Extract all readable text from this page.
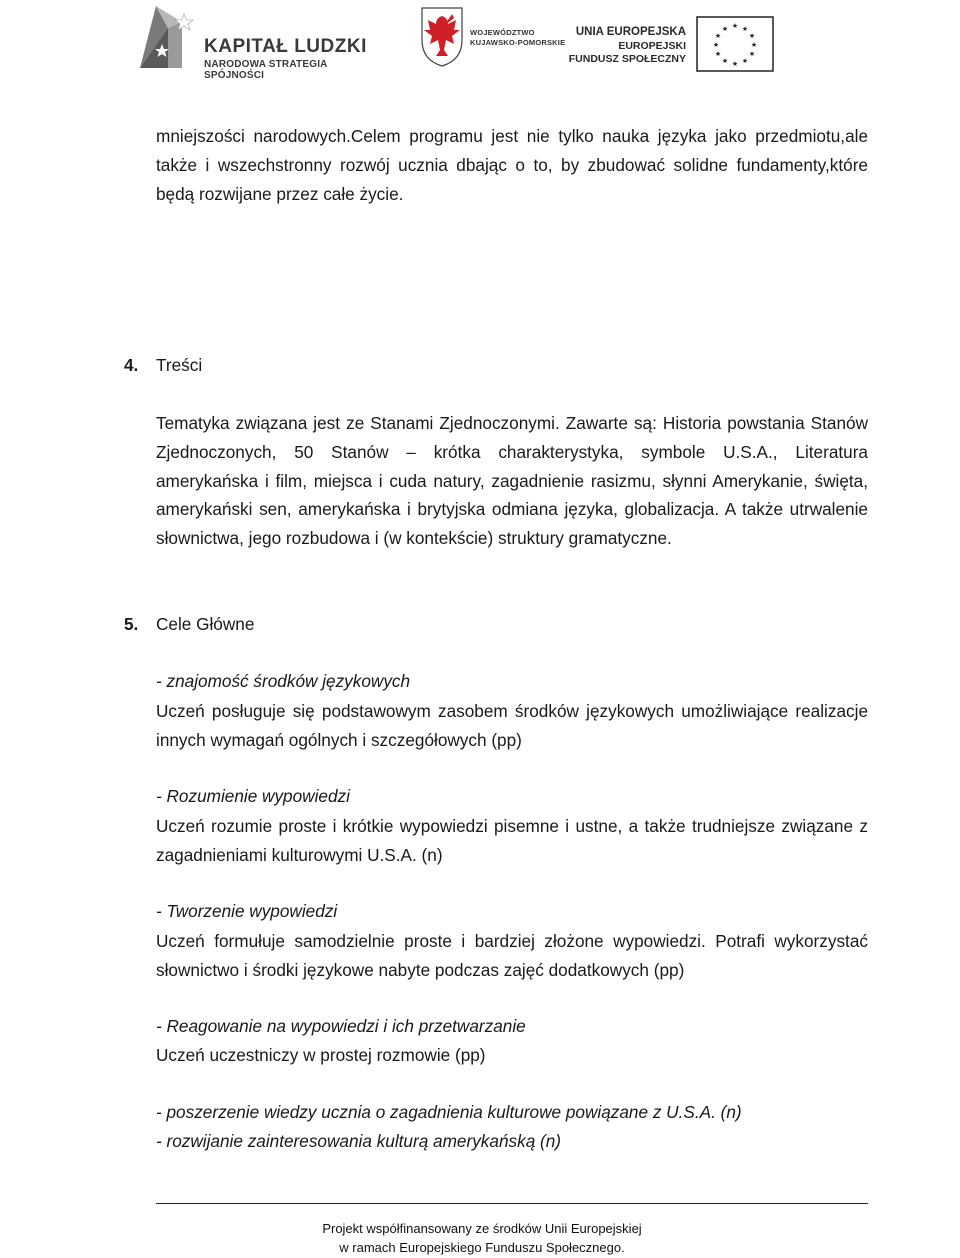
KAPITAŁ LUDZKI
NARODOWA STRATEGIA SPÓJNOŚCI
WOJEWÓDZTWO
KUJAWSKO-POMORSKIE
UNIA EUROPEJSKA
EUROPEJSKI
FUNDUSZ SPOŁECZNY
★ ★
★
★
★
★
★
★
★
★
★
★
mniejszości narodowych.Celem programu jest nie tylko nauka języka jako przedmiotu,ale także i wszechstronny rozwój ucznia dbając o to, by zbudować solidne fundamenty,które będą rozwijane przez całe życie.
4. Treści
Tematyka związana jest ze Stanami Zjednoczonymi. Zawarte są: Historia powstania Stanów Zjednoczonych, 50 Stanów – krótka charakterystyka, symbole U.S.A., Literatura amerykańska i film, miejsca i cuda natury, zagadnienie rasizmu, słynni Amerykanie, święta, amerykański sen, amerykańska i brytyjska odmiana języka, globalizacja. A także utrwalenie słownictwa, jego rozbudowa i (w kontekście) struktury gramatyczne.
5. Cele Główne
- znajomość środków językowych
Uczeń posługuje się podstawowym zasobem środków językowych umożliwiające realizacje innych wymagań ogólnych i szczegółowych (pp)
- Rozumienie wypowiedzi
Uczeń rozumie proste i krótkie wypowiedzi pisemne i ustne, a także trudniejsze związane z zagadnieniami kulturowymi U.S.A. (n)
- Tworzenie wypowiedzi
Uczeń formułuje samodzielnie proste i bardziej złożone wypowiedzi. Potrafi wykorzystać słownictwo i środki językowe nabyte podczas zajęć dodatkowych (pp)
- Reagowanie na wypowiedzi i ich przetwarzanie
Uczeń uczestniczy w prostej rozmowie (pp)
- poszerzenie wiedzy ucznia o zagadnienia kulturowe powiązane z U.S.A. (n)
- rozwijanie zainteresowania kulturą amerykańską (n)
Projekt współfinansowany ze środków Unii Europejskiej
w ramach Europejskiego Funduszu Społecznego.
